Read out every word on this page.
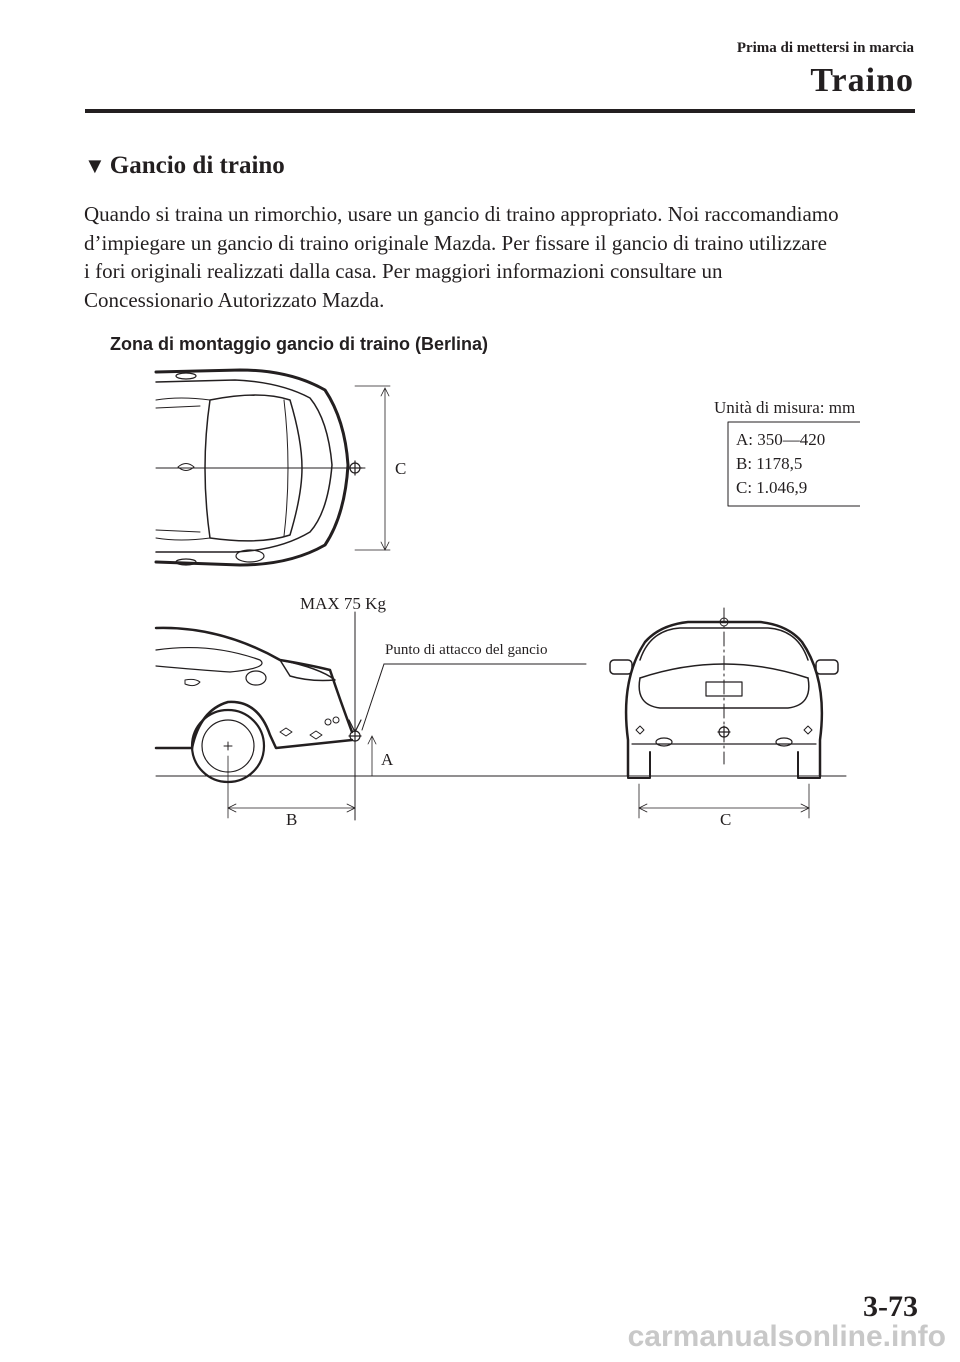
Prima di mettersi in marcia
Traino
▼ Gancio di traino

Quando si traina un rimorchio, usare un gancio di traino appropriato. Noi raccomandiamo
d’impiegare un gancio di traino originale Mazda. Per fissare il gancio di traino utilizzare
i fori originali realizzati dalla casa. Per maggiori informazioni consultare un
Concessionario Autorizzato Mazda.

Zona di montaggio gancio di traino (Berlina)
C
Unità di misura: mm
A: 350—420
B: 1178,5
C: 1.046,9
MAX 75 Kg
Punto di attacco del gancio
A
B	C
3-73
carmanualsonline.info
